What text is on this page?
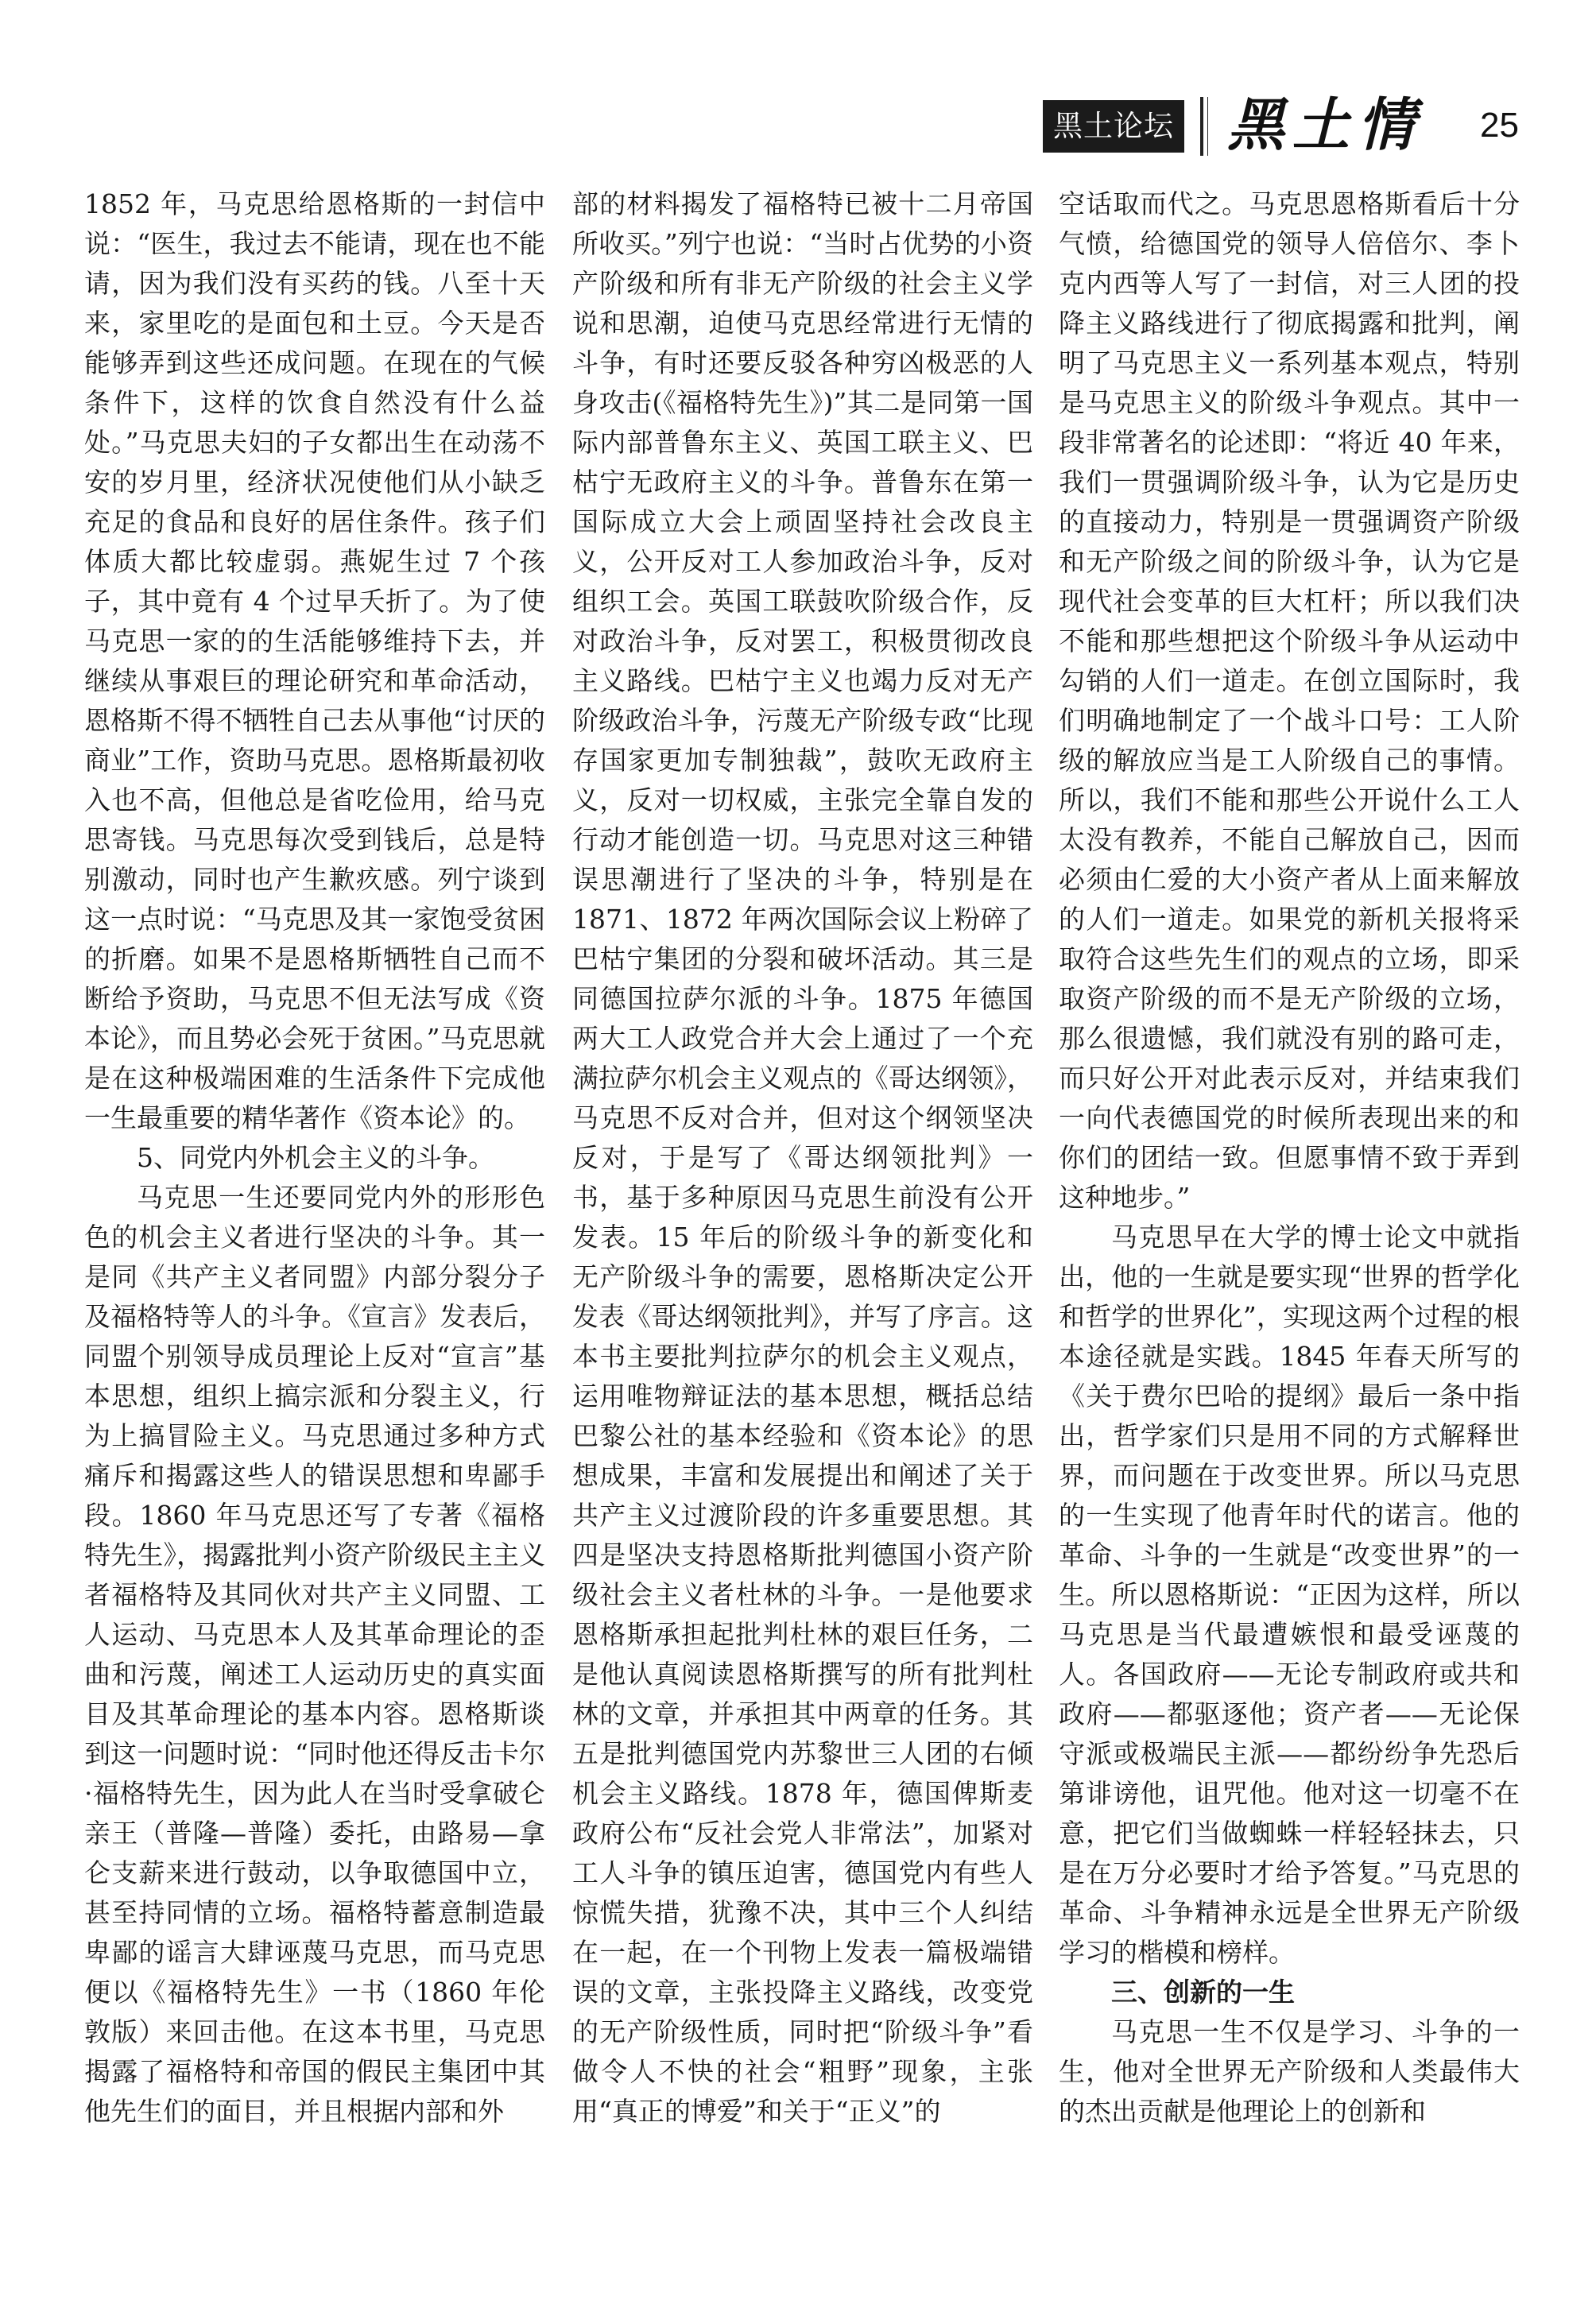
黑土论坛 黑土情 25

1852 年，马克思给恩格斯的一封信中说：“医生，我过去不能请，现在也不能请，因为我们没有买药的钱。八至十天来，家里吃的是面包和土豆。今天是否能够弄到这些还成问题。在现在的气候条件下，这样的饮食自然没有什么益处。”马克思夫妇的子女都出生在动荡不安的岁月里，经济状况使他们从小缺乏充足的食品和良好的居住条件。孩子们体质大都比较虚弱。燕妮生过 7 个孩子，其中竟有 4 个过早夭折了。为了使马克思一家的的生活能够维持下去，并继续从事艰巨的理论研究和革命活动，恩格斯不得不牺牲自己去从事他“讨厌的商业”工作，资助马克思。恩格斯最初收入也不高，但他总是省吃俭用，给马克思寄钱。马克思每次受到钱后，总是特别激动，同时也产生歉疚感。列宁谈到这一点时说：“马克思及其一家饱受贫困的折磨。如果不是恩格斯牺牲自己而不断给予资助，马克思不但无法写成《资本论》，而且势必会死于贫困。”马克思就是在这种极端困难的生活条件下完成他一生最重要的精华著作《资本论》的。

5、同党内外机会主义的斗争。

马克思一生还要同党内外的形形色色的机会主义者进行坚决的斗争。其一是同《共产主义者同盟》内部分裂分子及福格特等人的斗争。《宣言》发表后，同盟个别领导成员理论上反对“宣言”基本思想，组织上搞宗派和分裂主义，行为上搞冒险主义。马克思通过多种方式痛斥和揭露这些人的错误思想和卑鄙手段。1860 年马克思还写了专著《福格特先生》，揭露批判小资产阶级民主主义者福格特及其同伙对共产主义同盟、工人运动、马克思本人及其革命理论的歪曲和污蔑，阐述工人运动历史的真实面目及其革命理论的基本内容。恩格斯谈到这一问题时说：“同时他还得反击卡尔·福格特先生，因为此人在当时受拿破仑亲王（普隆—普隆）委托，由路易—拿仑支薪来进行鼓动，以争取德国中立，甚至持同情的立场。福格特蓄意制造最卑鄙的谣言大肆诬蔑马克思，而马克思便以《福格特先生》一书（1860 年伦敦版）来回击他。在这本书里，马克思揭露了福格特和帝国的假民主集团中其他先生们的面目，并且根据内部和外

部的材料揭发了福格特已被十二月帝国所收买。”列宁也说：“当时占优势的小资产阶级和所有非无产阶级的社会主义学说和思潮，迫使马克思经常进行无情的斗争，有时还要反驳各种穷凶极恶的人身攻击(《福格特先生》)”其二是同第一国际内部普鲁东主义、英国工联主义、巴枯宁无政府主义的斗争。普鲁东在第一国际成立大会上顽固坚持社会改良主义，公开反对工人参加政治斗争，反对组织工会。英国工联鼓吹阶级合作，反对政治斗争，反对罢工，积极贯彻改良主义路线。巴枯宁主义也竭力反对无产阶级政治斗争，污蔑无产阶级专政“比现存国家更加专制独裁”，鼓吹无政府主义，反对一切权威，主张完全靠自发的行动才能创造一切。马克思对这三种错误思潮进行了坚决的斗争，特别是在 1871、1872 年两次国际会议上粉碎了巴枯宁集团的分裂和破坏活动。其三是同德国拉萨尔派的斗争。1875 年德国两大工人政党合并大会上通过了一个充满拉萨尔机会主义观点的《哥达纲领》，马克思不反对合并，但对这个纲领坚决反对，于是写了《哥达纲领批判》一书，基于多种原因马克思生前没有公开发表。15 年后的阶级斗争的新变化和无产阶级斗争的需要，恩格斯决定公开发表《哥达纲领批判》，并写了序言。这本书主要批判拉萨尔的机会主义观点，运用唯物辩证法的基本思想，概括总结巴黎公社的基本经验和《资本论》的思想成果，丰富和发展提出和阐述了关于共产主义过渡阶段的许多重要思想。其四是坚决支持恩格斯批判德国小资产阶级社会主义者杜林的斗争。一是他要求恩格斯承担起批判杜林的艰巨任务，二是他认真阅读恩格斯撰写的所有批判杜林的文章，并承担其中两章的任务。其五是批判德国党内苏黎世三人团的右倾机会主义路线。1878 年，德国俾斯麦政府公布“反社会党人非常法”，加紧对工人斗争的镇压迫害，德国党内有些人惊慌失措，犹豫不决，其中三个人纠结在一起，在一个刊物上发表一篇极端错误的文章，主张投降主义路线，改变党的无产阶级性质，同时把“阶级斗争”看做令人不快的社会“粗野”现象，主张用“真正的博爱”和关于“正义”的

空话取而代之。马克思恩格斯看后十分气愤，给德国党的领导人倍倍尔、李卜克内西等人写了一封信，对三人团的投降主义路线进行了彻底揭露和批判，阐明了马克思主义一系列基本观点，特别是马克思主义的阶级斗争观点。其中一段非常著名的论述即：“将近 40 年来，我们一贯强调阶级斗争，认为它是历史的直接动力，特别是一贯强调资产阶级和无产阶级之间的阶级斗争，认为它是现代社会变革的巨大杠杆；所以我们决不能和那些想把这个阶级斗争从运动中勾销的人们一道走。在创立国际时，我们明确地制定了一个战斗口号：工人阶级的解放应当是工人阶级自己的事情。所以，我们不能和那些公开说什么工人太没有教养，不能自己解放自己，因而必须由仁爱的大小资产者从上面来解放的人们一道走。如果党的新机关报将采取符合这些先生们的观点的立场，即采取资产阶级的而不是无产阶级的立场，那么很遗憾，我们就没有别的路可走，而只好公开对此表示反对，并结束我们一向代表德国党的时候所表现出来的和你们的团结一致。但愿事情不致于弄到这种地步。”

马克思早在大学的博士论文中就指出，他的一生就是要实现“世界的哲学化和哲学的世界化”，实现这两个过程的根本途径就是实践。1845 年春天所写的《关于费尔巴哈的提纲》最后一条中指出，哲学家们只是用不同的方式解释世界，而问题在于改变世界。所以马克思的一生实现了他青年时代的诺言。他的革命、斗争的一生就是“改变世界”的一生。所以恩格斯说：“正因为这样，所以马克思是当代最遭嫉恨和最受诬蔑的人。各国政府——无论专制政府或共和政府——都驱逐他；资产者——无论保守派或极端民主派——都纷纷争先恐后第诽谤他，诅咒他。他对这一切毫不在意，把它们当做蜘蛛一样轻轻抹去，只是在万分必要时才给予答复。”马克思的革命、斗争精神永远是全世界无产阶级学习的楷模和榜样。

三、创新的一生

马克思一生不仅是学习、斗争的一生，他对全世界无产阶级和人类最伟大的杰出贡献是他理论上的创新和
